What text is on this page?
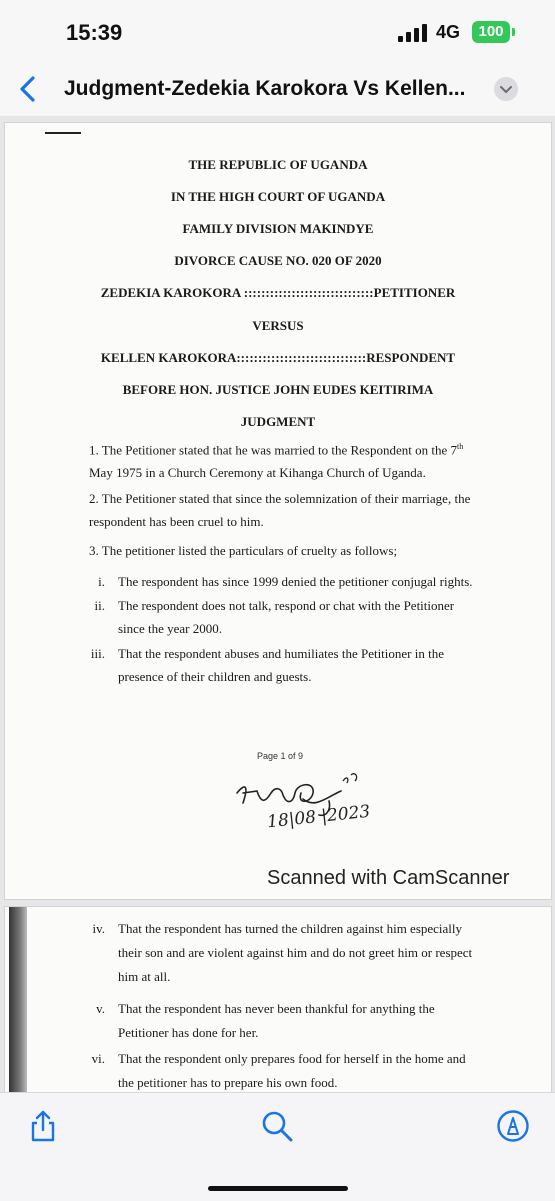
15:39	4G	100
Judgment-Zedekia Karokora Vs Kellen...
THE REPUBLIC OF UGANDA
IN THE HIGH COURT OF UGANDA
FAMILY DIVISION MAKINDYE
DIVORCE CAUSE NO. 020 OF 2020
ZEDEKIA KAROKORA ::::::::::::::::::::::::::::::PETITIONER
VERSUS
KELLEN KAROKORA::::::::::::::::::::::::::::::RESPONDENT
BEFORE HON. JUSTICE JOHN EUDES KEITIRIMA
JUDGMENT
1. The Petitioner stated that he was married to the Respondent on the 7th
May 1975 in a Church Ceremony at Kihanga Church of Uganda.
2. The Petitioner stated that since the solemnization of their marriage, the
respondent has been cruel to him.
3. The petitioner listed the particulars of cruelty as follows;
i. The respondent has since 1999 denied the petitioner conjugal rights.
ii. The respondent does not talk, respond or chat with the Petitioner
since the year 2000.
iii. That the respondent abuses and humiliates the Petitioner in the
presence of their children and guests.
Page 1 of 9
18|08 |2023
Scanned with CamScanner
iv. That the respondent has turned the children against him especially
their son and are violent against him and do not greet him or respect
him at all.
v. That the respondent has never been thankful for anything the
Petitioner has done for her.
vi. That the respondent only prepares food for herself in the home and
the petitioner has to prepare his own food.
